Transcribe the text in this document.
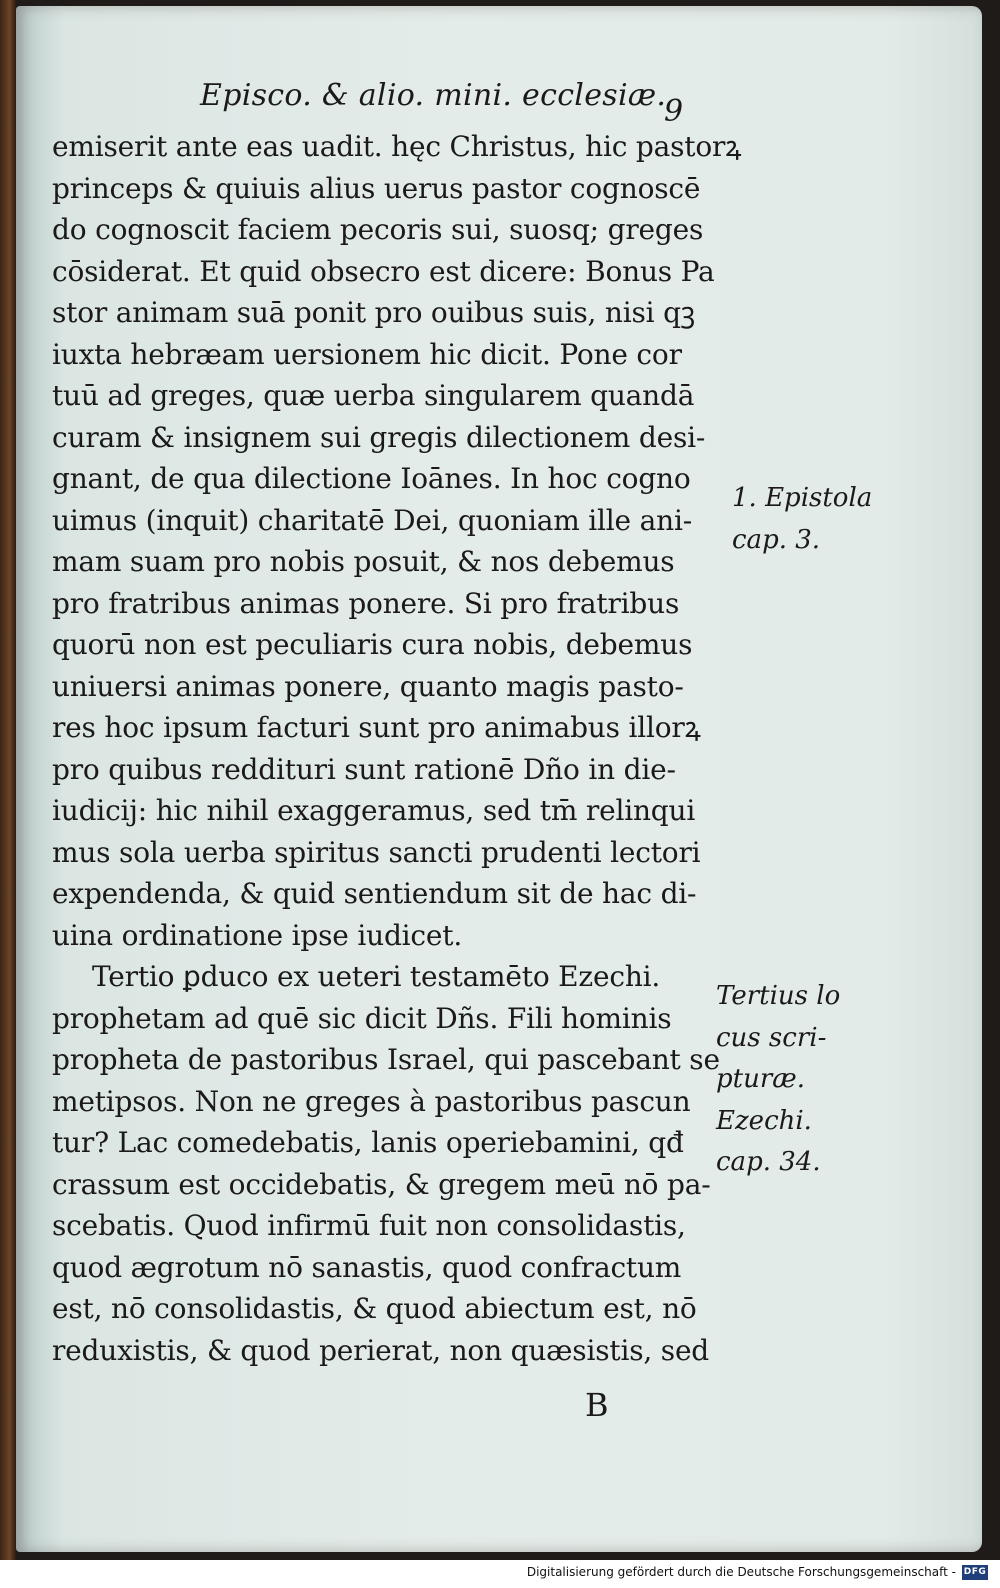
Episco. & alio. mini. ecclesiæ.
9
emiserit ante eas uadit. hęc Christus, hic pastorꝝ
princeps & quiuis alius uerus pastor cognoscē
do cognoscit faciem pecoris sui, suosq; greges
cōsiderat. Et quid obsecro est dicere: Bonus Pa
stor animam suā ponit pro ouibus suis, nisi qꝫ
iuxta hebræam uersionem hic dicit. Pone cor
tuū ad greges, quæ uerba singularem quandā
curam & insignem sui gregis dilectionem desi-
gnant, de qua dilectione Ioānes. In hoc cogno
uimus (inquit) charitatē Dei, quoniam ille ani-
mam suam pro nobis posuit, & nos debemus
pro fratribus animas ponere. Si pro fratribus
quorū non est peculiaris cura nobis, debemus
uniuersi animas ponere, quanto magis pasto-
res hoc ipsum facturi sunt pro animabus illorꝝ
pro quibus reddituri sunt rationē Dño in die-
iudicij: hic nihil exaggeramus, sed tm̄ relinqui
mus sola uerba spiritus sancti prudenti lectori
expendenda, & quid sentiendum sit de hac di-
uina ordinatione ipse iudicet.
Tertio ꝑduco ex ueteri testamēto Ezechi.
prophetam ad quē sic dicit Dñs. Fili hominis
propheta de pastoribus Israel, qui pascebant se
metipsos. Non ne greges à pastoribus pascun
tur? Lac comedebatis, lanis operiebamini, qđ
crassum est occidebatis, & gregem meū nō pa-
scebatis. Quod infirmū fuit non consolidastis,
quod ægrotum nō sanastis, quod confractum
est, nō consolidastis, & quod abiectum est, nō
reduxistis, & quod perierat, non quæsistis, sed
1. Epistola
cap. 3.
Tertius lo
cus scri-
pturæ.
Ezechi.
cap. 34.
B
Digitalisierung gefördert durch die Deutsche Forschungsgemeinschaft - DFG
